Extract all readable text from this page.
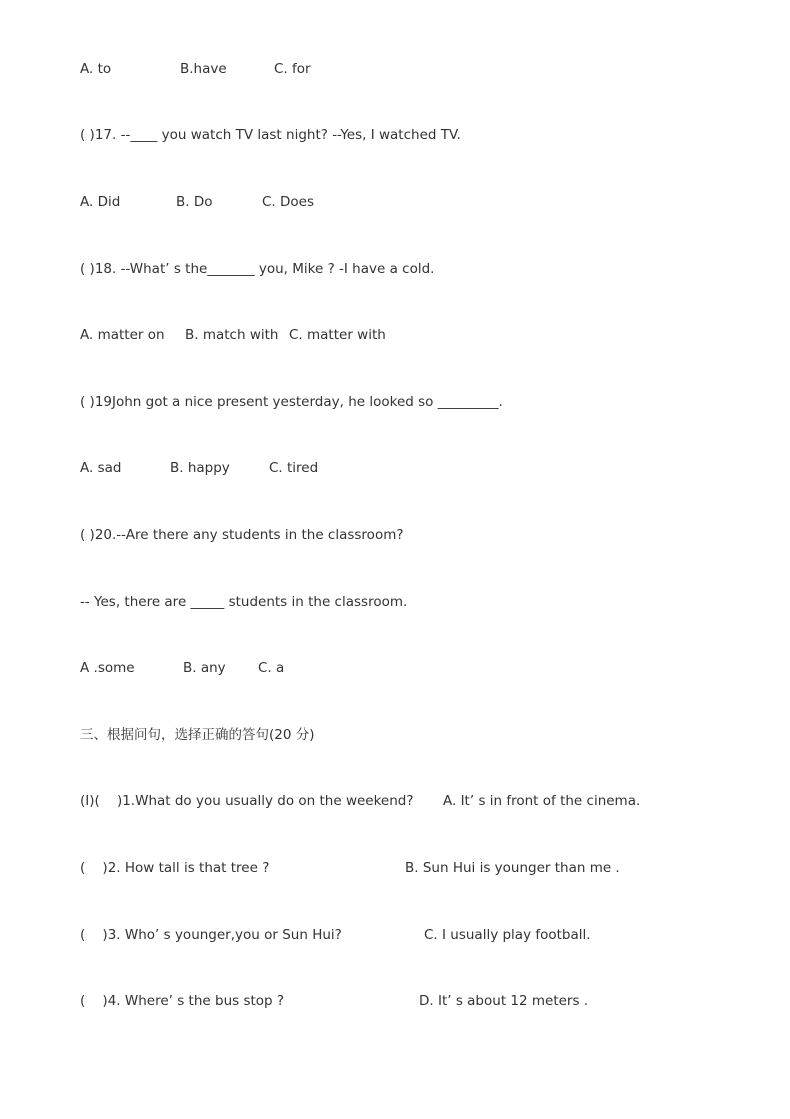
A. to

	B.have

	C. for

( )17. --____ you watch TV last night? --Yes, I watched TV.

A. Did

	B. Do

	C. Does

( )18. --What’ s the_______ you, Mike ? -I have a cold.

A. matter on

B. match with

C. matter with

( )19John got a nice present yesterday, he looked so _________.

A. sad

	B. happy

	C. tired

( )20.--Are there any students in the classroom?
-- Yes, there are _____ students in the classroom.

A .some

	B. any

C. a

三、根据问句，选择正确的答句(20 分)
(I)(    )1.What do you usually do on the weekend? A. It’ s in front of the cinema.
(    )2. How tall is that tree ?	B. Sun Hui is younger than me .
(    )3. Who’ s younger,you or Sun Hui?	C. I usually play football.
(    )4. Where’ s the bus stop ?	D. It’ s about 12 meters .
